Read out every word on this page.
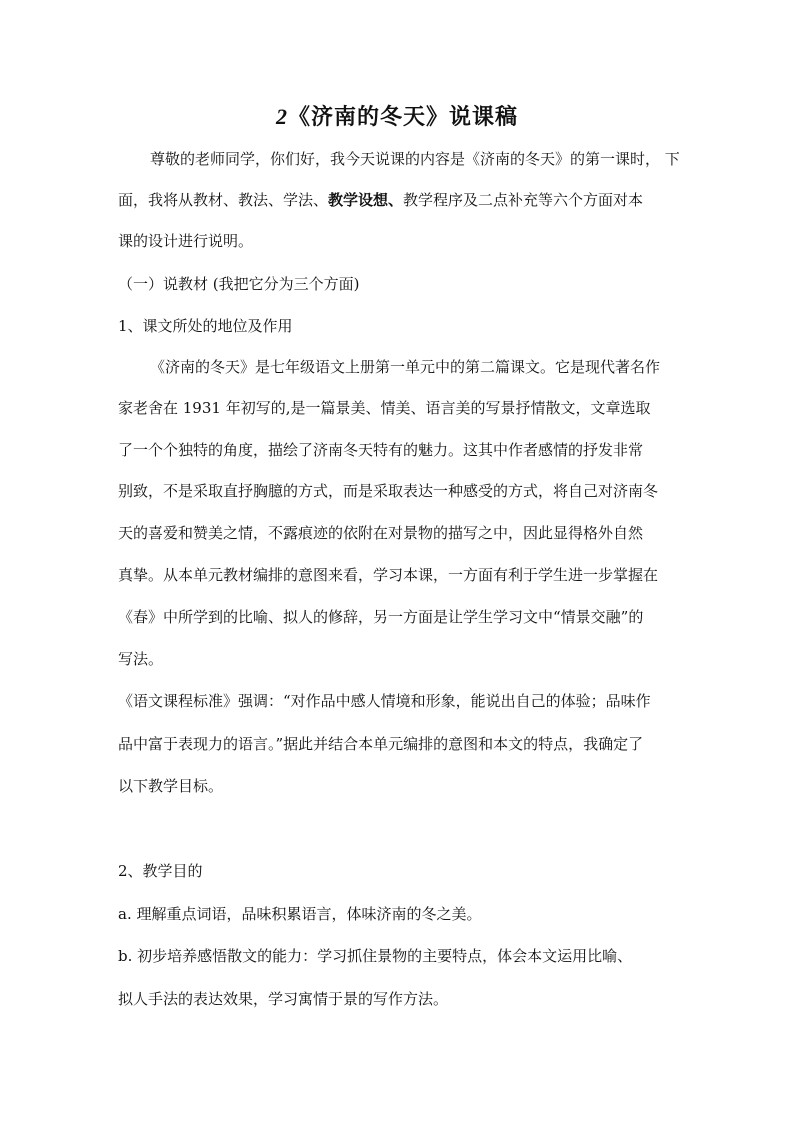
2《济南的冬天》说课稿
尊敬的老师同学，你们好，我今天说课的内容是《济南的冬天》的第一课时， 下
面，我将从教材、教法、学法、教学设想、教学程序及二点补充等六个方面对本
课的设计进行说明。
（一）说教材 (我把它分为三个方面)
1、课文所处的地位及作用
《济南的冬天》是七年级语文上册第一单元中的第二篇课文。它是现代著名作
家老舍在 1931 年初写的,是一篇景美、情美、语言美的写景抒情散文，文章选取
了一个个独特的角度，描绘了济南冬天特有的魅力。这其中作者感情的抒发非常
别致，不是采取直抒胸臆的方式，而是采取表达一种感受的方式，将自己对济南冬
天的喜爱和赞美之情，不露痕迹的依附在对景物的描写之中，因此显得格外自然
真挚。从本单元教材编排的意图来看，学习本课，一方面有利于学生进一步掌握在
《春》中所学到的比喻、拟人的修辞，另一方面是让学生学习文中“情景交融”的
写法。
《语文课程标准》强调：“对作品中感人情境和形象，能说出自己的体验；品味作
品中富于表现力的语言。”据此并结合本单元编排的意图和本文的特点，我确定了
以下教学目标。
2、教学目的
a. 理解重点词语，品味积累语言，体味济南的冬之美。
b. 初步培养感悟散文的能力：学习抓住景物的主要特点，体会本文运用比喻、
拟人手法的表达效果，学习寓情于景的写作方法。
